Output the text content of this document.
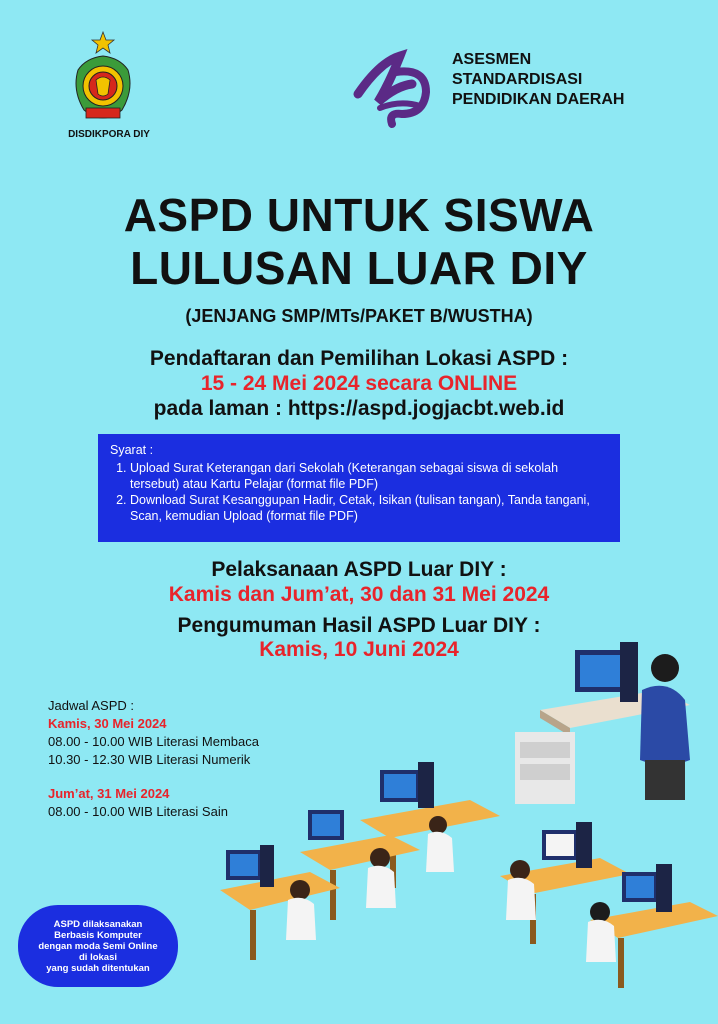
DISDIKPORA DIY
ASESMEN
STANDARDISASI
PENDIDIKAN DAERAH
ASPD UNTUK SISWA
LULUSAN LUAR DIY
(JENJANG SMP/MTs/PAKET B/WUSTHA)
Pendaftaran dan Pemilihan Lokasi ASPD :
15 - 24 Mei 2024 secara ONLINE
pada laman : https://aspd.jogjacbt.web.id
Syarat :
1. Upload Surat Keterangan dari Sekolah (Keterangan sebagai siswa di sekolah tersebut) atau Kartu Pelajar (format file PDF)
2. Download Surat Kesanggupan Hadir, Cetak, Isikan (tulisan tangan), Tanda tangani, Scan, kemudian Upload (format file PDF)
Pelaksanaan ASPD Luar DIY :
Kamis dan Jum’at, 30 dan 31 Mei 2024
Pengumuman Hasil ASPD Luar DIY :
Kamis, 10 Juni 2024
Jadwal ASPD :
Kamis, 30 Mei 2024
08.00 - 10.00 WIB Literasi Membaca
10.30 - 12.30 WIB Literasi Numerik
Jum’at, 31 Mei 2024
08.00 - 10.00 WIB Literasi Sain
ASPD dilaksanakan
Berbasis Komputer
dengan moda Semi Online
di lokasi
yang sudah ditentukan
